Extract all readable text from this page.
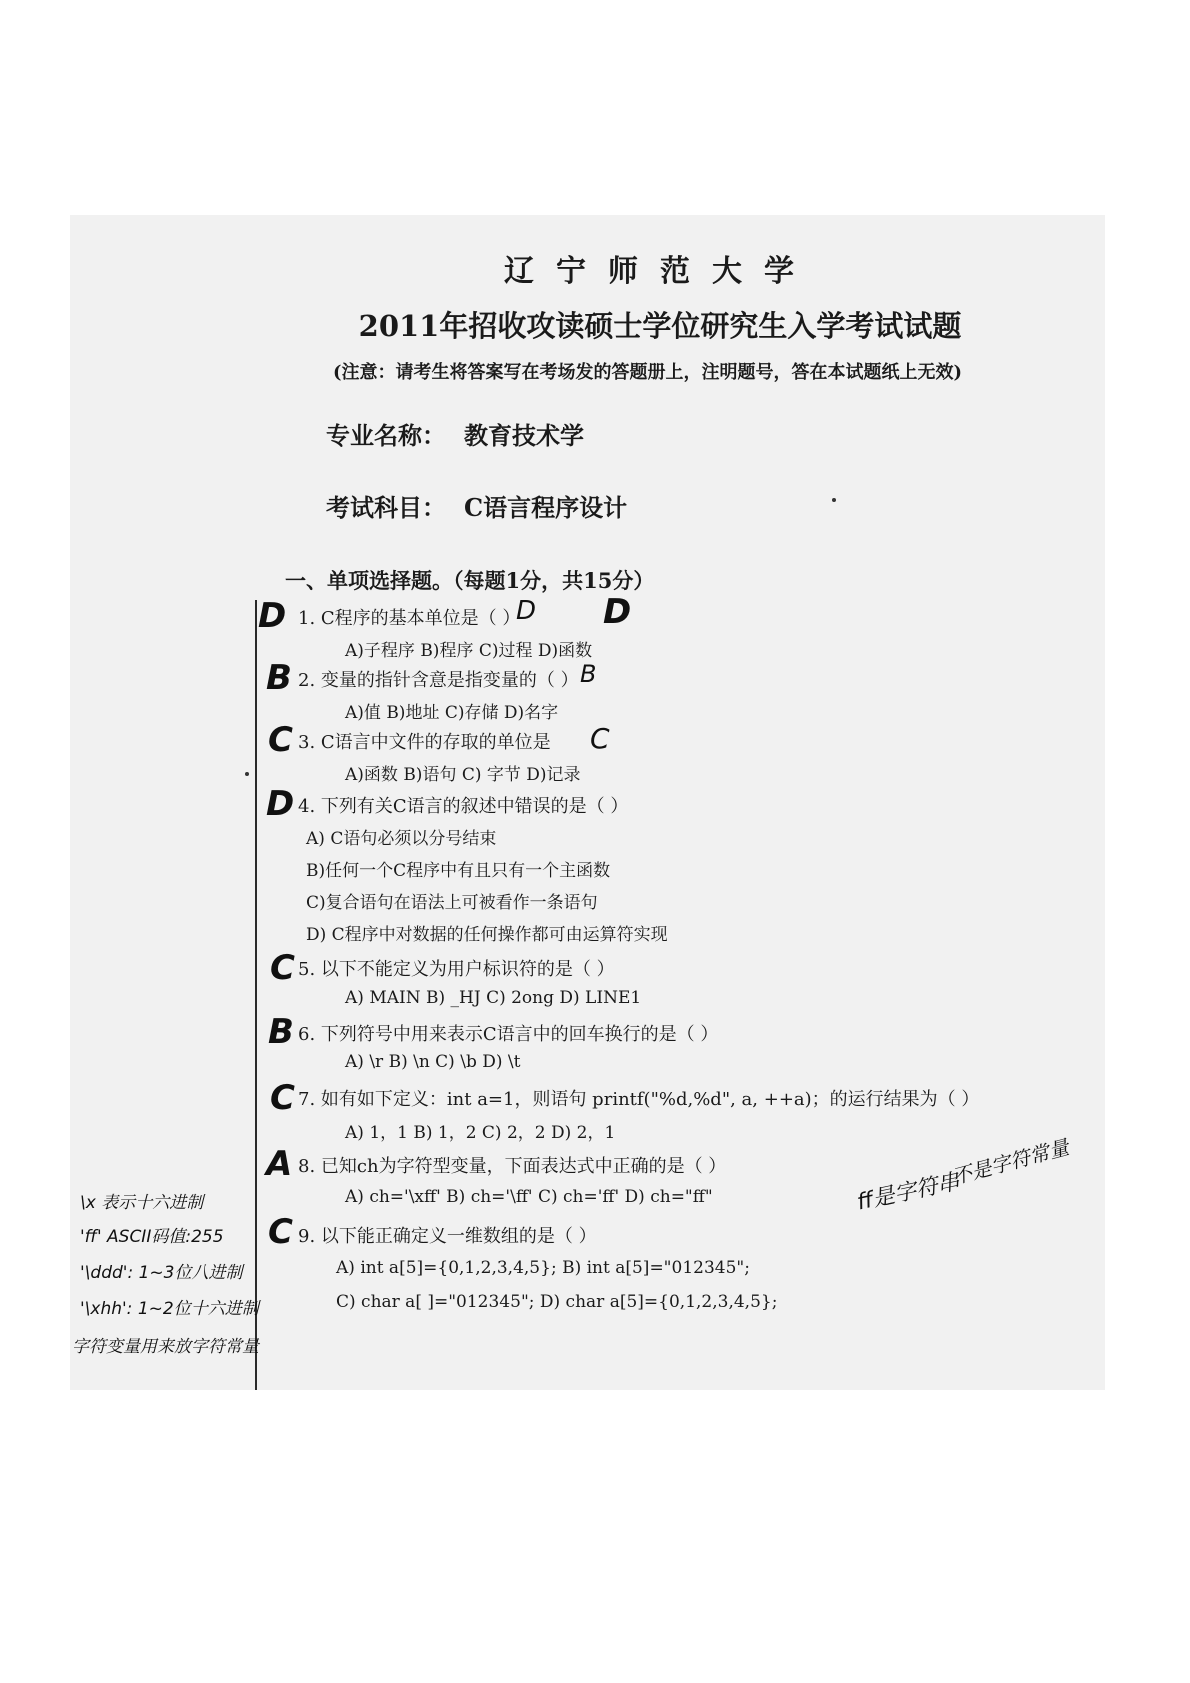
辽宁师范大学
2011年招收攻读硕士学位研究生入学考试试题
(注意：请考生将答案写在考场发的答题册上，注明题号，答在本试题纸上无效)
专业名称： 教育技术学
考试科目： C语言程序设计
一、单项选择题。（每题1分，共15分）
1. C程序的基本单位是（ ）
A)子程序 B)程序 C)过程 D)函数
2. 变量的指针含意是指变量的（ ）
A)值 B)地址 C)存储 D)名字
3. C语言中文件的存取的单位是
A)函数 B)语句 C) 字节 D)记录
4. 下列有关C语言的叙述中错误的是（ ）
A) C语句必须以分号结束
B)任何一个C程序中有且只有一个主函数
C)复合语句在语法上可被看作一条语句
D) C程序中对数据的任何操作都可由运算符实现
5. 以下不能定义为用户标识符的是（ ）
A) MAIN B) _HJ C) 2ong D) LINE1
6. 下列符号中用来表示C语言中的回车换行的是（ ）
A) \r B) \n C) \b D) \t
7. 如有如下定义：int a=1，则语句 printf("%d,%d", a, ++a)；的运行结果为（ ）
A) 1，1 B) 1，2 C) 2，2 D) 2，1
8. 已知ch为字符型变量，下面表达式中正确的是（ ）
A) ch='\xff' B) ch='\ff' C) ch='ff' D) ch="ff"
9. 以下能正确定义一维数组的是（ ）
A) int a[5]={0,1,2,3,4,5}; B) int a[5]="012345";
C) char a[ ]="012345"; D) char a[5]={0,1,2,3,4,5};
D
B
C
D
C
B
C
A
C
D
D
B
C
\x 表示十六进制
'ff' ASCII码值:255
'\ddd': 1~3位八进制
'\xhh': 1~2位十六进制
字符变量用来放字符常量
ff是字符串
不是字符常量
